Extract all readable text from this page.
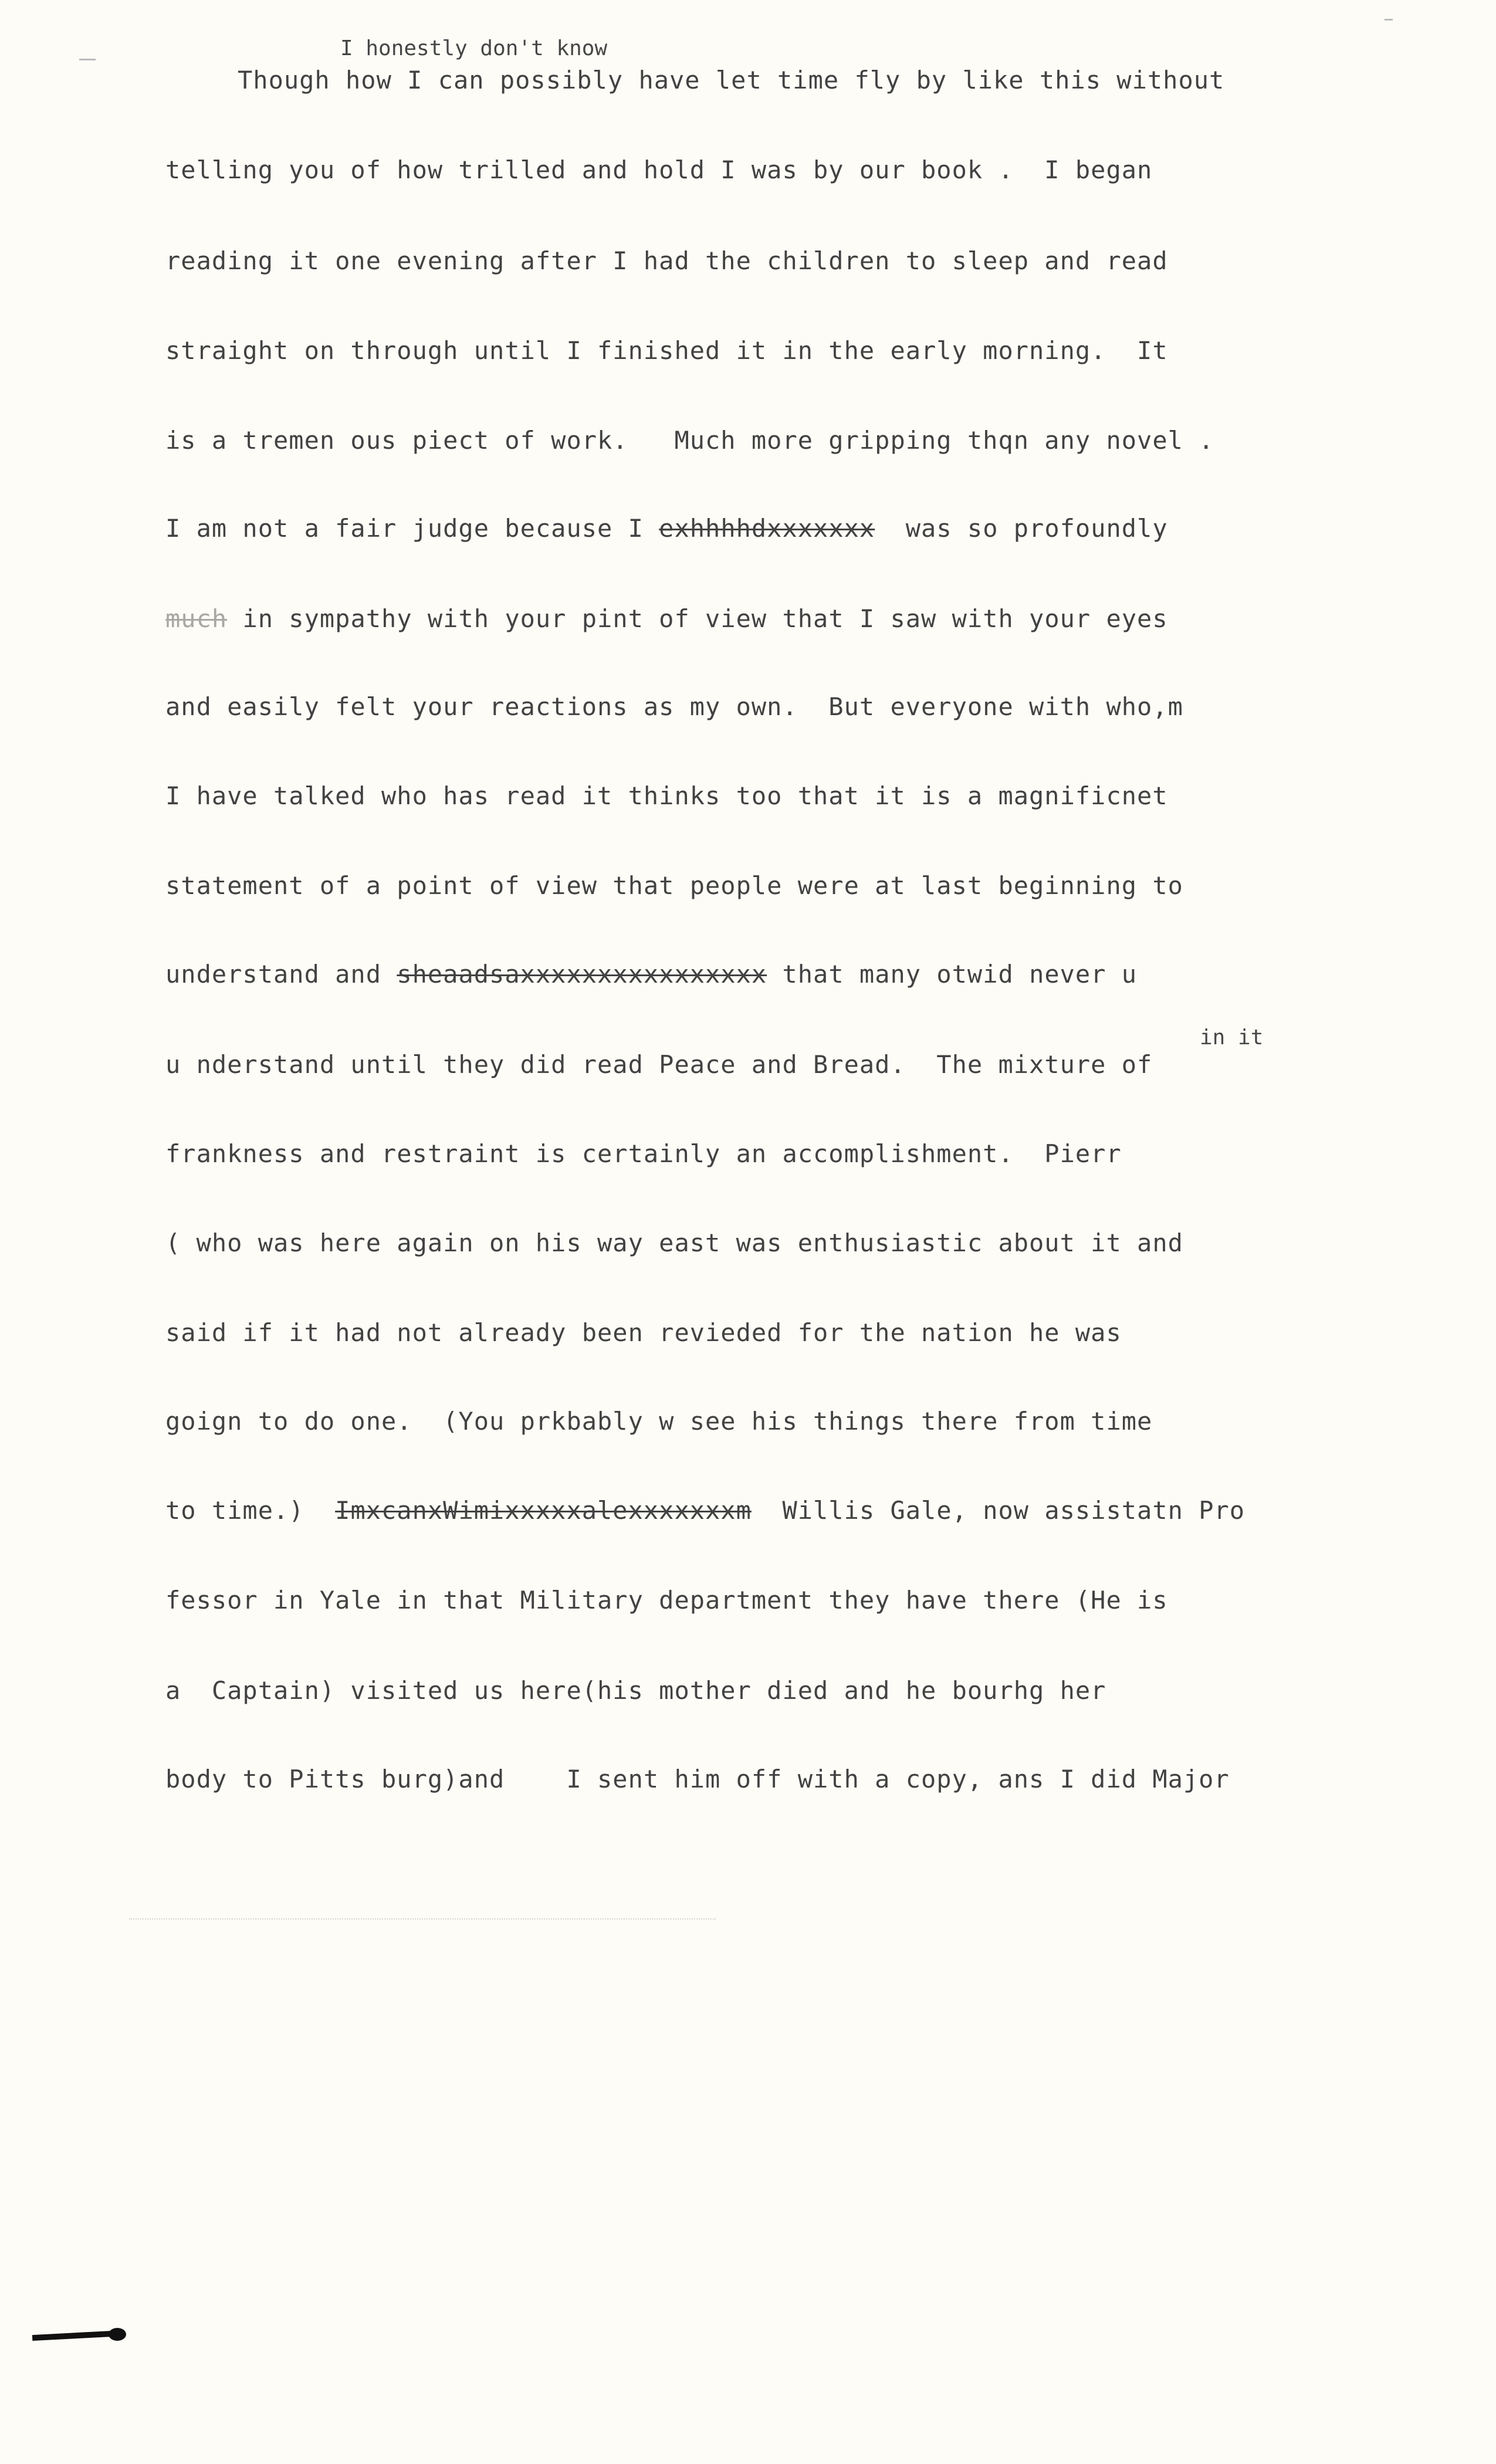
I honestly don't know
Though how I can possibly have let time fly by like this without
telling you of how trilled and hold I was by our book .  I began
reading it one evening after I had the children to sleep and read
straight on through until I finished it in the early morning.  It
is a tremen ous piect of work.   Much more gripping thqn any novel .
I am not a fair judge because I exhhhhdxxxxxxx was so profoundly
much in sympathy with your pint of view that I saw with your eyes
and easily felt your reactions as my own.  But everyone with who,m
I have talked who has read it thinks too that it is a magnificnet
statement of a point of view that people were at last beginning to
understand and sheaadsaxxxxxxxxxxxxxxxx that many otwid never u
in it
u nderstand until they did read Peace and Bread.  The mixture of
frankness and restraint is certainly an accomplishment.  Pierr
( who was here again on his way east was enthusiastic about it and
said if it had not already been revieded for the nation he was
goign to do one.  (You prkbably w see his things there from time
to time.) ImxcanxWimixxxxxalexxxxxxxm Willis Gale, now assistatn Pro
fessor in Yale in that Military department they have there (He is
a  Captain) visited us here(his mother died and he bourhg her
body to Pitts burg)and    I sent him off with a copy, ans I did Major
